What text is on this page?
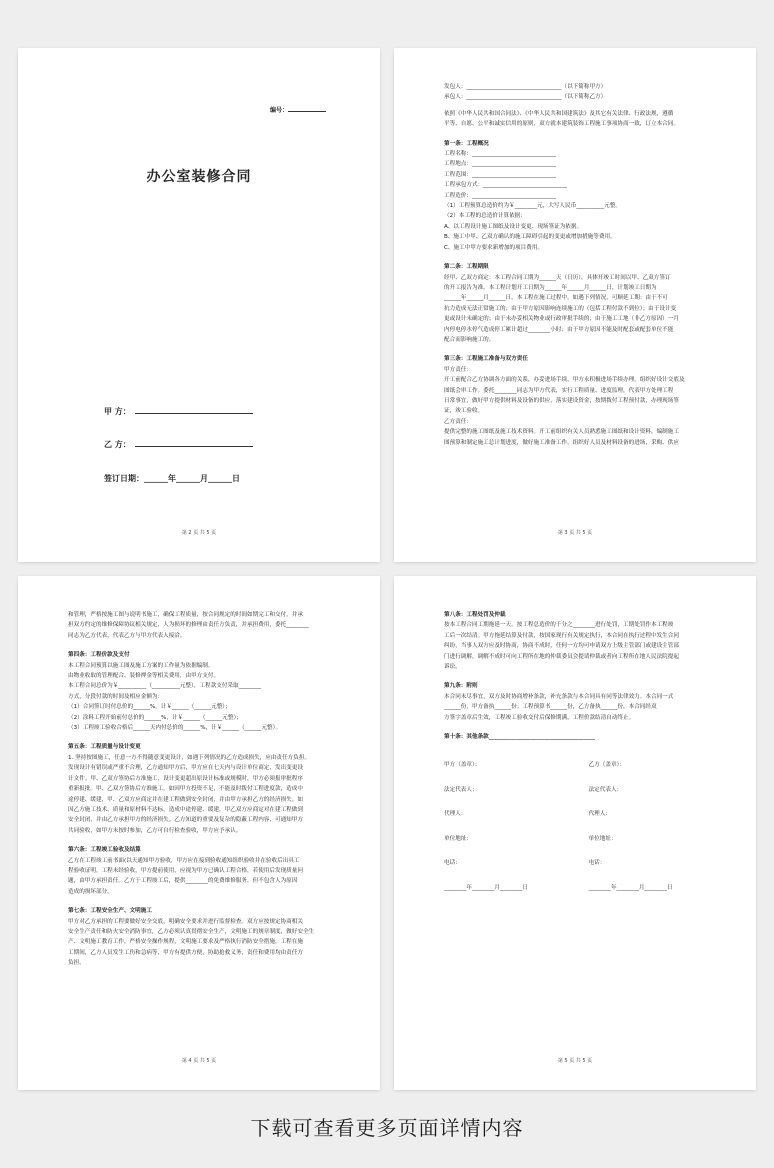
编号：
办公室装修合同
甲 方：
乙 方：
签订日期：______年______月______日
第 2 页 共 5 页

发包人：__________________________________（以下简称甲方）

承包人：__________________________________（以下简称乙方）

依照《中华人民共和国合同法》、《中华人民共和国建筑法》及其它有关法律、行政法规，遵循

平等、自愿、公平和诚实信用的原则，双方就本建筑装饰工程施工事项协商一致，订立本合同。

第一条：工程概况

工程名称：______________________________

工程地点：______________________________

工程范围：______________________________

工程承包方式：______________________________

工程造价：______________________________

（1）工程预算总造价约为￥________元，大写人民币__________元整。

（2）本工程的总造价计算依据：

A、以工程设计施工图纸及设计变更、现场签证为依据。

B、施工中甲、乙双方确认的施工障碍引起的变更或增加措施等费用。

C、施工中甲方要求新增加的项目费用。

第二条：工程期限

经甲、乙双方商定：本工程合同工期为______天（日历），具体开竣工时间以甲、乙双方签订

的开工报告为准。本工程计划开工日期为______年______月______日，计划竣工日期为

______年______月______日。本工程在施工过程中，如遇下列情况，可顺延工期：由于不可

抗力造成无法正常施工的；由于甲方原因影响连续施工的（包括工程付款不到位）；由于设计变

更或设计未确定的；由于未办妥相关物业或行政审批手续的；由于施工工地（非乙方原因）一月

内停电停水停气造成停工累计超过________小时；由于甲方原因不能及时配套或配套单位不能

配合而影响施工的。

第三条：工程施工准备与双方责任

甲方责任：

开工前配合乙方协调各方面的关系，办妥进场手续，甲方永积极进场手续办理。组织好设计交底及

图纸会审工作。委托________同志为甲方代表，实行工程质量、进度监理，代表甲方处理工程

日常事宜，做好甲方提供材料及设备的供应，落实建设资金，按期拨付工程预付款，办理现场签

证，竣工验收。

乙方责任：

提供完整的施工图纸及施工技术资料。开工前组织有关人员熟悉施工图纸和设计资料，编制施工

图预算和制定施工总计划进度，做好施工准备工作。组织好人员及材料设备的进场，采购、供应

第 3 页 共 5 页

和管理，严格按施工图与说明书施工，确保工程质量，按合同规定的时间如期完工和交付，并承

担双方约定的维修保障协议相关规定，人为损坏的修理由责任方负责，并承担费用，委托________

同志为乙方代表，代表乙方与甲方代表人接洽。

第四条：工程价款及支付

本工程合同预算以施工图及施工方案的工作量为依据编制。

由物业收取的管理配合、装修押金等相关费用，由甲方支付。

本工程合同总价为￥__________（__________元整），工程款支付采取________

方式，分段付款的时间及相应金额为：

（1）合同签订时付总价的______%，计￥______（______元整）；

（2）涂料工程开始前付总价的______%，计￥______（______元整）；

（3）工程竣工验收合格后______天内付总价的______%，计￥______（______元整）。

第五条：工程质量与设计变更

1. 坚持按图施工，任意一方不得随意变更设计，如遇下列情况的乙方造成损失，应由责任方负担。

发现设计有错误或严重不合理，乙方通知甲方后，甲方应在七天内与设计单位商定，发出变更设

计文件。甲、乙双方签协后方准施工，设计变更超出原设计标准或规模时，甲方必须报审批程序

重新报批。甲、乙双方签协后方准施工，如因甲方投资不足，不能及时拨付工程进度款，造成中

途停建、缓建，甲、乙双方应商定并在建工程做到安全封闭，并由甲方承担乙方的经济损失。如

因乙方施工技术、质量和原材料不达标，造成中途停建、缓建，甲乙双方应商定对在建工程做到

安全封闭，并由乙方承担甲方的经济损失。乙方知道的重要及复杂的隐蔽工程内容，可通知甲方

共同验收，如甲方未按时参加，乙方可自行检查验收，甲方应予承认。

第六条：工程竣工验收及结算

乙方在工程竣工前书面(以天通知甲方验收，甲方应在接到验收通知组织验收并在验收后出具工

程验收证明。工程未经验收，甲方提前使用，应视为甲方已确认工程合格，若使用后发现质量问

题，由甲方承担责任。乙方于工程竣工后，提供________的免费维修服务，但不包含人为原因

造成的损坏部分。

第七条：工程安全生产、文明施工

甲方对乙方承担的工程要做好安全交底，明确安全要求并进行监督检查。双方应按规定协商相关

安全生产责任和防火安全消防事宜，乙方必须认真贯彻安全生产，文明施工的规章制度，做好安全生

产、文明施工教育工作，严格安全操作规程，文明施工要求及严格执行消防安全措施，工程在施

工期间，乙方人员发生工伤和急病等，甲方有提供方便，协助抢救义务，责任和费用均由责任方

负担。

第 4 页 共 5 页

第八条：工程处罚及仲裁

按本工程合同工期拖延一天，按工程总造价的千分之________进行处罚，工期处罚作本工程竣

工后一次结清。甲方拖延结算及付款，按国家现行有关规定执行，本合同在执行过程中发生合同

纠纷，当事人双方应及时协商，协商不成时，任何一方均可申请双方上级主管部门或建设主管部

门进行调解，调解不成时可向工程所在地的仲裁委员会提请仲裁或者向工程所在地人民法院提起

诉讼。

第九条：附则

本合同未尽事宜，双方及时协商增补条款，补充条款与本合同具有同等法律效力。本合同一式

______份，甲方备执______份；工程预算书______份，乙方备执______份，本合同经双

方签字盖章后生效，工程竣工验收交付后保修期满，工程价款结清自动终止。

第十条：其他条款______________________________________

甲方（盖章）：	乙方（盖章）：
法定代表人：	法定代表人：
代理人：	代理人：
单位地址：	单位地址：
电话：	电话：
________年________月________日	________年________月________日
第 5 页 共 5 页
下载可查看更多页面详情内容
